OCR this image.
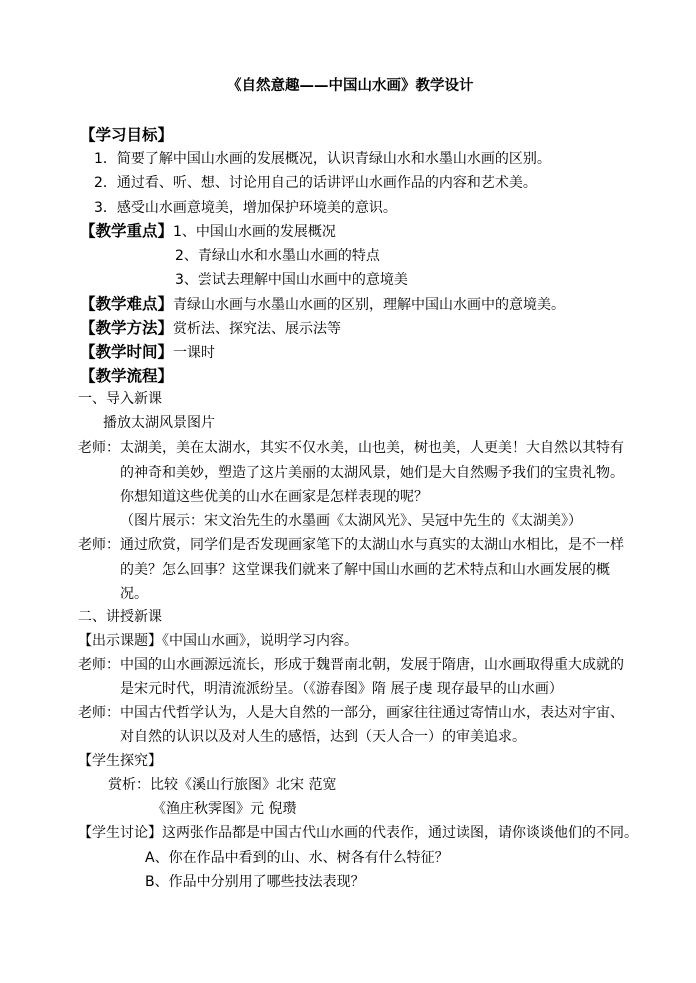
《自然意趣——中国山水画》教学设计
【学习目标】
1．简要了解中国山水画的发展概况，认识青绿山水和水墨山水画的区别。
2．通过看、听、想、讨论用自己的话讲评山水画作品的内容和艺术美。
3．感受山水画意境美，增加保护环境美的意识。
【教学重点】1、中国山水画的发展概况
2、青绿山水和水墨山水画的特点
3、尝试去理解中国山水画中的意境美
【教学难点】青绿山水画与水墨山水画的区别，理解中国山水画中的意境美。
【教学方法】赏析法、探究法、展示法等
【教学时间】一课时
【教学流程】
一、导入新课
播放太湖风景图片
老师：太湖美，美在太湖水，其实不仅水美，山也美，树也美，人更美！大自然以其特有
的神奇和美妙，塑造了这片美丽的太湖风景，她们是大自然赐予我们的宝贵礼物。
你想知道这些优美的山水在画家是怎样表现的呢？
（图片展示：宋文治先生的水墨画《太湖风光》、吴冠中先生的《太湖美》）
老师：通过欣赏，同学们是否发现画家笔下的太湖山水与真实的太湖山水相比，是不一样
的美？怎么回事？这堂课我们就来了解中国山水画的艺术特点和山水画发展的概
况。
二、讲授新课
【出示课题】《中国山水画》，说明学习内容。
老师：中国的山水画源远流长，形成于魏晋南北朝，发展于隋唐，山水画取得重大成就的
是宋元时代，明清流派纷呈。（《游春图》隋 展子虔 现存最早的山水画）
老师：中国古代哲学认为，人是大自然的一部分，画家往往通过寄情山水，表达对宇宙、
对自然的认识以及对人生的感悟，达到（天人合一）的审美追求。
【学生探究】
赏析：比较《溪山行旅图》北宋 范宽
《渔庄秋霁图》元 倪瓒
【学生讨论】这两张作品都是中国古代山水画的代表作，通过读图，请你谈谈他们的不同。
A、你在作品中看到的山、水、树各有什么特征？
B、作品中分别用了哪些技法表现？
